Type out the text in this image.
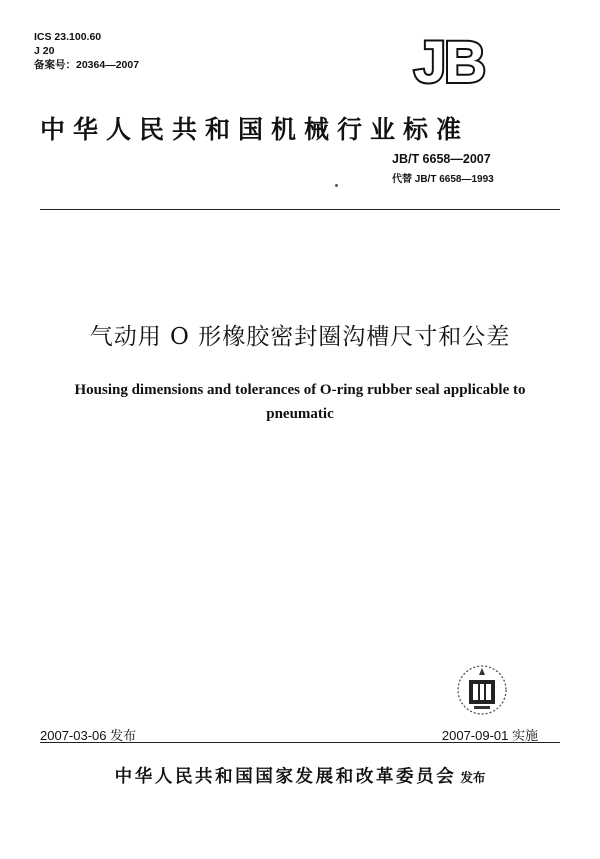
ICS 23.100.60
J 20
备案号：20364—2007	JB
中华人民共和国机械行业标准
JB/T 6658—2007
代替 JB/T 6658—1993
气动用 O 形橡胶密封圈沟槽尺寸和公差
Housing dimensions and tolerances of O-ring rubber seal applicable to
pneumatic
2007-03-06 发布	2007-09-01 实施
中华人民共和国国家发展和改革委员会 发布
